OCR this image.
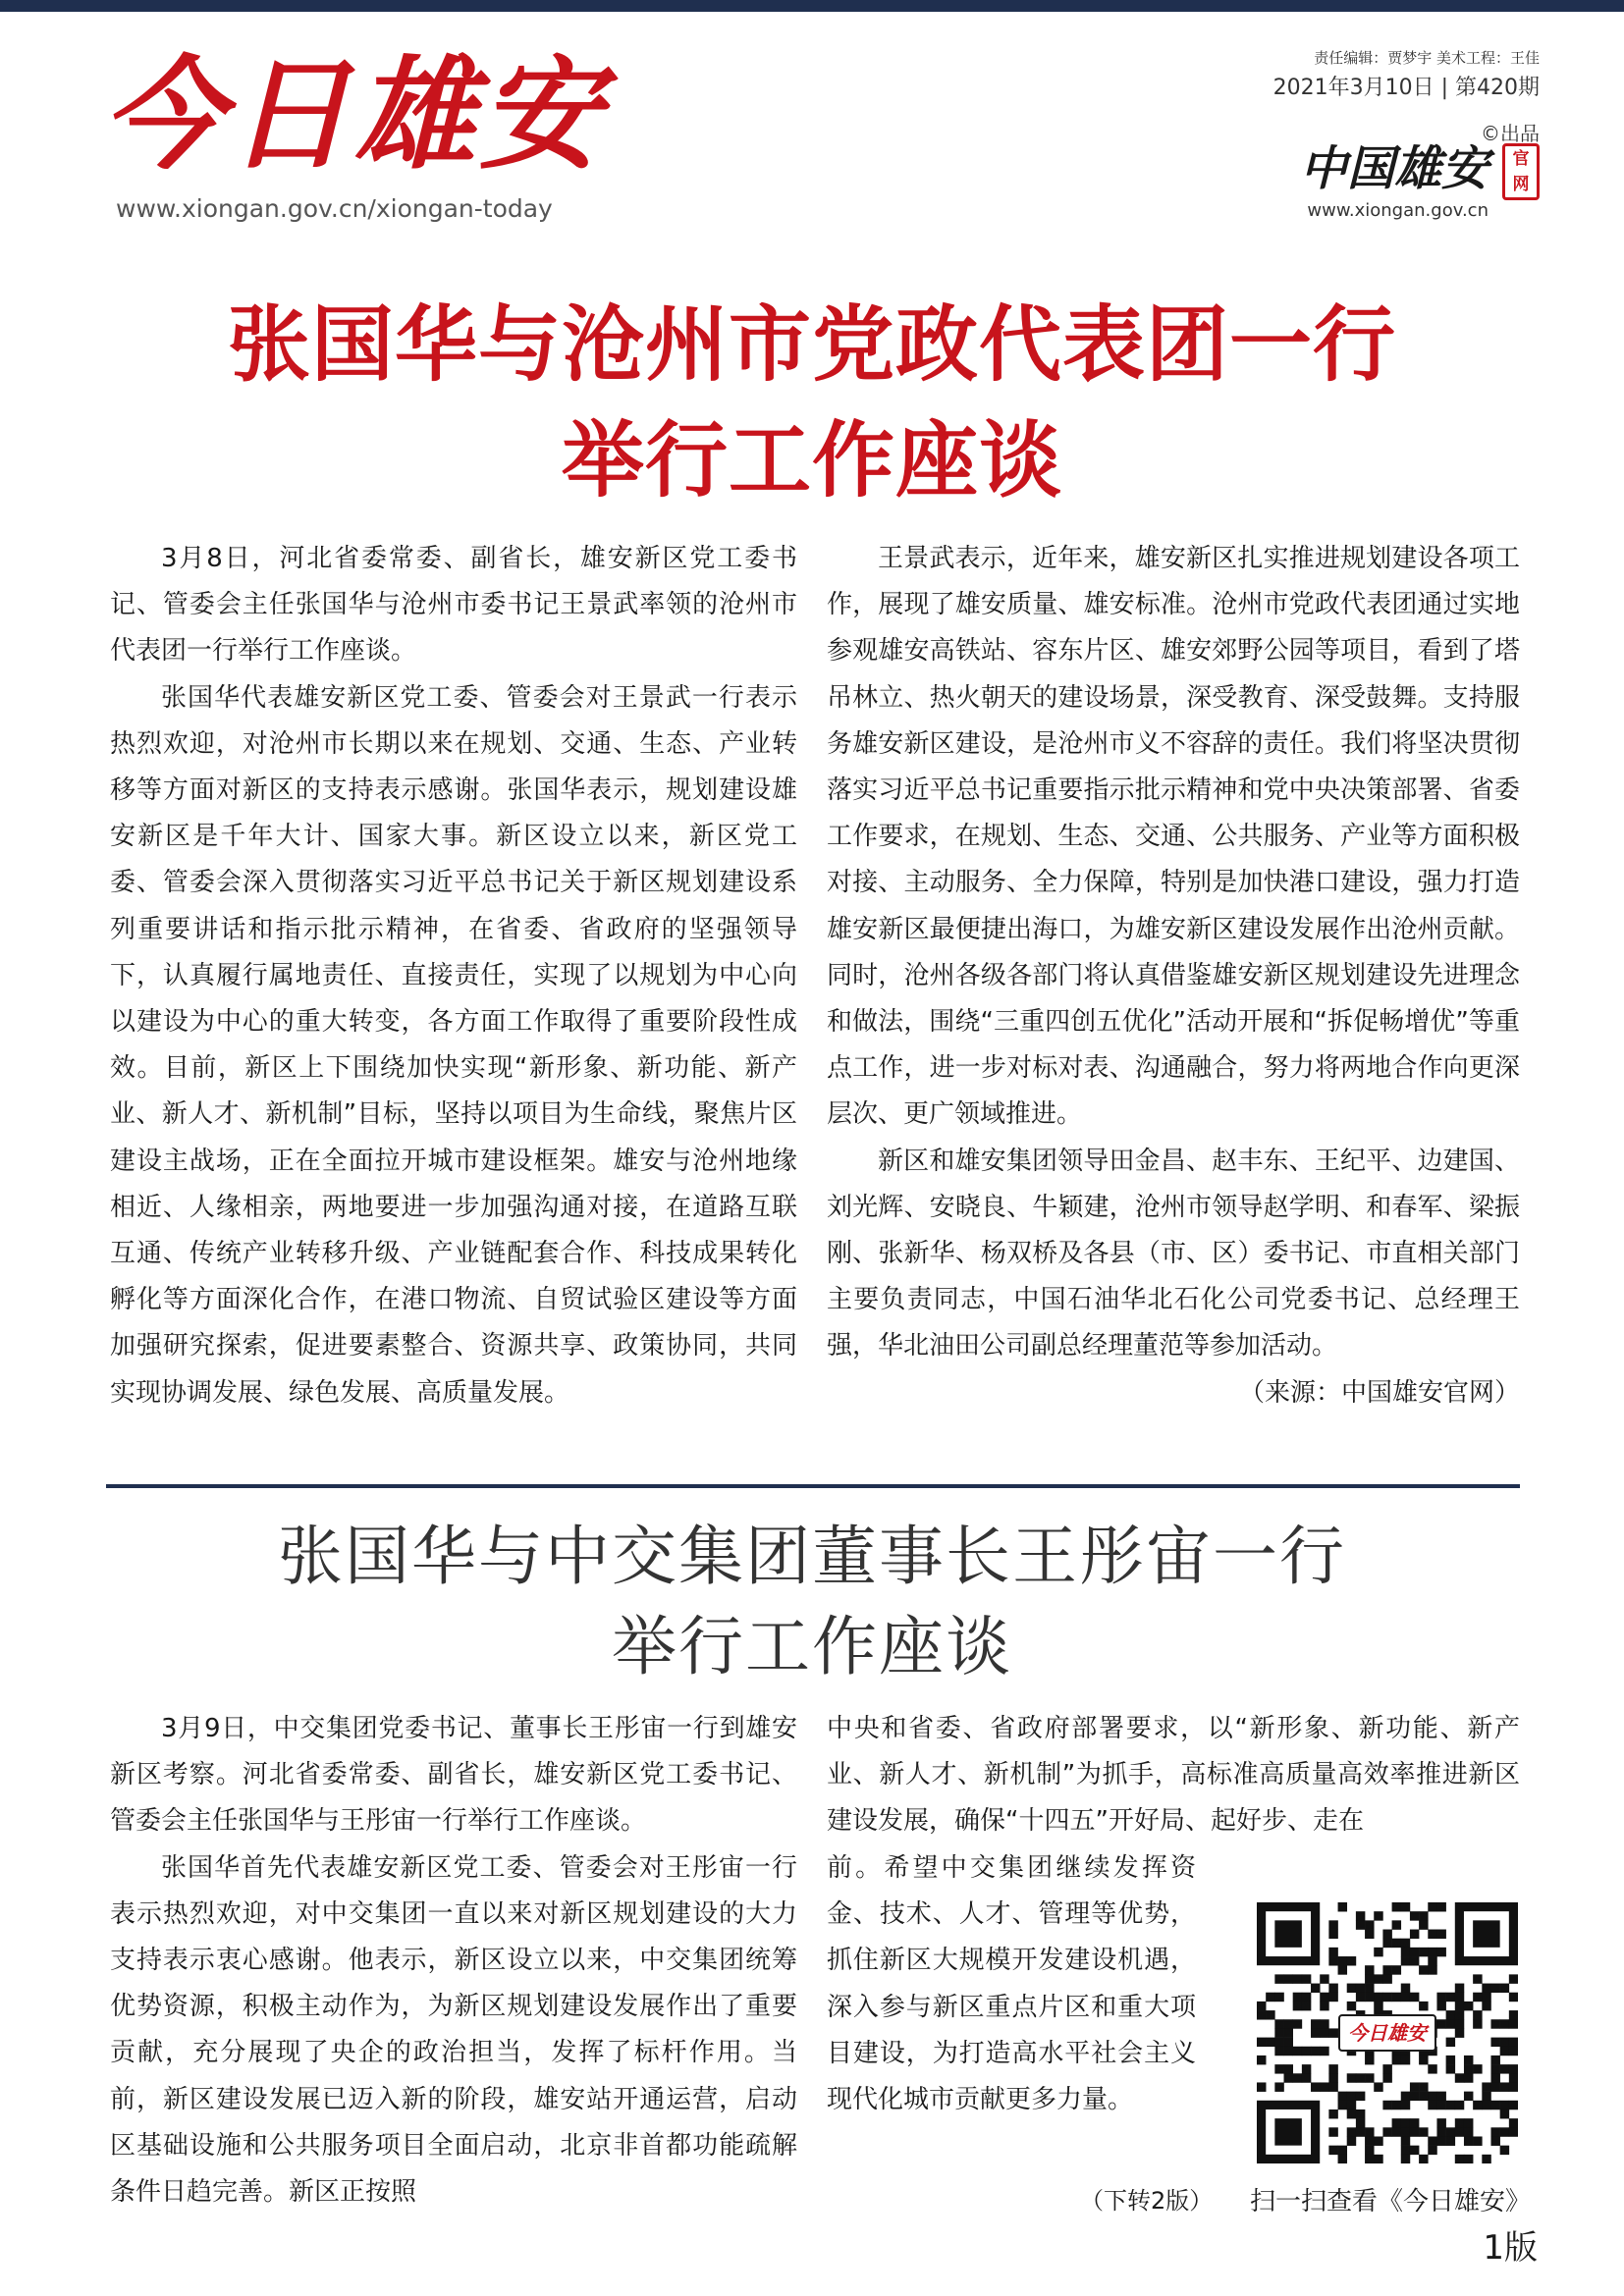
今日雄安
www.xiongan.gov.cn/xiongan-today
责任编辑：贾梦宇 美术工程：王佳
2021年3月10日 | 第420期
©出品
中国雄安	官网
www.xiongan.gov.cn
张国华与沧州市党政代表团一行
举行工作座谈

3月8日，河北省委常委、副省长，雄安新区党工委书记、管委会主任张国华与沧州市委书记王景武率领的沧州市代表团一行举行工作座谈。

张国华代表雄安新区党工委、管委会对王景武一行表示热烈欢迎，对沧州市长期以来在规划、交通、生态、产业转移等方面对新区的支持表示感谢。张国华表示，规划建设雄安新区是千年大计、国家大事。新区设立以来，新区党工委、管委会深入贯彻落实习近平总书记关于新区规划建设系列重要讲话和指示批示精神，在省委、省政府的坚强领导下，认真履行属地责任、直接责任，实现了以规划为中心向以建设为中心的重大转变，各方面工作取得了重要阶段性成效。目前，新区上下围绕加快实现“新形象、新功能、新产业、新人才、新机制”目标，坚持以项目为生命线，聚焦片区建设主战场，正在全面拉开城市建设框架。雄安与沧州地缘相近、人缘相亲，两地要进一步加强沟通对接，在道路互联互通、传统产业转移升级、产业链配套合作、科技成果转化孵化等方面深化合作，在港口物流、自贸试验区建设等方面加强研究探索，促进要素整合、资源共享、政策协同，共同实现协调发展、绿色发展、高质量发展。

王景武表示，近年来，雄安新区扎实推进规划建设各项工作，展现了雄安质量、雄安标准。沧州市党政代表团通过实地参观雄安高铁站、容东片区、雄安郊野公园等项目，看到了塔吊林立、热火朝天的建设场景，深受教育、深受鼓舞。支持服务雄安新区建设，是沧州市义不容辞的责任。我们将坚决贯彻落实习近平总书记重要指示批示精神和党中央决策部署、省委工作要求，在规划、生态、交通、公共服务、产业等方面积极对接、主动服务、全力保障，特别是加快港口建设，强力打造雄安新区最便捷出海口，为雄安新区建设发展作出沧州贡献。同时，沧州各级各部门将认真借鉴雄安新区规划建设先进理念和做法，围绕“三重四创五优化”活动开展和“拆促畅增优”等重点工作，进一步对标对表、沟通融合，努力将两地合作向更深层次、更广领域推进。

新区和雄安集团领导田金昌、赵丰东、王纪平、边建国、刘光辉、安晓良、牛颖建，沧州市领导赵学明、和春军、梁振刚、张新华、杨双桥及各县（市、区）委书记、市直相关部门主要负责同志，中国石油华北石化公司党委书记、总经理王强，华北油田公司副总经理董范等参加活动。

（来源：中国雄安官网）
张国华与中交集团董事长王彤宙一行
举行工作座谈

3月9日，中交集团党委书记、董事长王彤宙一行到雄安新区考察。河北省委常委、副省长，雄安新区党工委书记、管委会主任张国华与王彤宙一行举行工作座谈。

张国华首先代表雄安新区党工委、管委会对王彤宙一行表示热烈欢迎，对中交集团一直以来对新区规划建设的大力支持表示衷心感谢。他表示，新区设立以来，中交集团统筹优势资源，积极主动作为，为新区规划建设发展作出了重要贡献，充分展现了央企的政治担当，发挥了标杆作用。当前，新区建设发展已迈入新的阶段，雄安站开通运营，启动区基础设施和公共服务项目全面启动，北京非首都功能疏解条件日趋完善。新区正按照

中央和省委、省政府部署要求，以“新形象、新功能、新产业、新人才、新机制”为抓手，高标准高质量高效率推进新区建设发展，确保“十四五”开好局、起好步、走在

前。希望中交集团继续发挥资金、技术、人才、管理等优势，抓住新区大规模开发建设机遇，深入参与新区重点片区和重大项目建设，为打造高水平社会主义现代化城市贡献更多力量。

（下转2版）
今日雄安
扫一扫查看《今日雄安》
1版
